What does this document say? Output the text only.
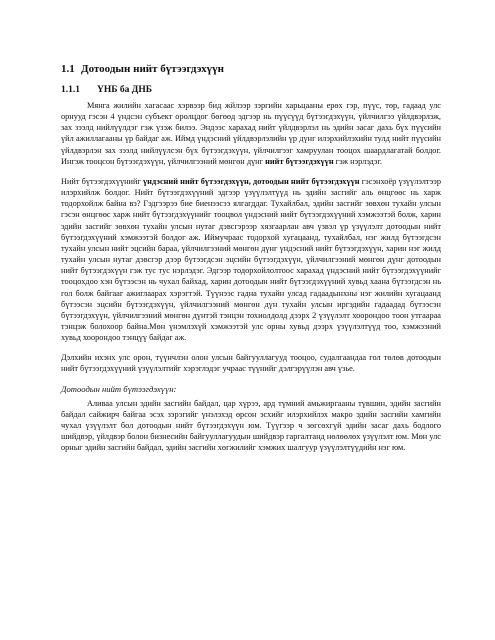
1.1 Дотоодын нийт бүтээгдэхүүн
1.1.1 ҮНБ ба ДНБ

Мянга жилийн хагасаас хэрвээр бид жйлээр зэргийн харьцааны ерөх гэр, пүүс, төр, гадаад улс орнууд гэсэн 4 үндсэн субъект оролцдог бөгөөд эдгээр нь пүүсүүд бүтээгдэхүүн, үйлчилгээ үйлдвэрлэж, зах зээлд нийлүүлдэг гэж үзэж билээ. Эндээс харахад нийт үйлдвэрлэл нь эдийн засаг дахь бүх пүүсийн үйл ажиллагааны үр байдаг аж. Иймд үндэсний үйлдвэрлэлийн үр дүнг илэрхийлэхийн тулд нийт пүүсийн үйлдвэрлэн зах зээлд нийлүүлсэн бүх бүтээгдэхүүн, үйлчилгээг хамруулан тооцох шаардлагатай болдог. Ингэж тооцсон бүтээгдэхүүн, үйлчилгээний мөнгөн дүнг нийт бүтээгдэхүүн гэж нэрлэдэг.

Нийт бүтээгдэхүүнийг үндэсний нийт бүтээгдэхүүн, дотоодын нийт бүтээгдэхүүн гэсэнхоёр үзүүлэлтээр илэрхийлж болдог. Нийт бүтээгдэхүүний эдгээр үзүүлэлтүүд нь эдийн засгийг аль өнцгөөс нь харж тодорхойлж байна вэ? Гэдгээрээ бие биенээсээ ялгагддаг. Тухайлбал, эдийн засгийг зөвхөн тухайн улсын гэсэн өнцгөөс харж нийт бүтээгдэхүүнийг тооцвол үндэсний нийт бүтээгдэхүүний хэмжээтэй болж, харин эдийн засгийг зөвхөн тухайн улсын нутаг дэвсгэрээр хязгаарлан авч үзвэл үр үзүүлэлт дотоодын нийт бүтээгдэхүүний хэмжээтэй болдог аж. Иймучраас тодорхой хугацаанд, тухайлбал, нэг жилд бүтээгдсэн тухайн улсын нийт эцсийн бараа, үйлчилгээний мөнгөн дүнг үндэсний нийт бүтээгдэхүүн, харин нэг жилд тухайн улсын нутаг дэвсгэр дээр бүтээгдсэн эцсийн бүтээгдэхүүн, үйлчилгээний мөнгөн дүнг дотоодын нийт бүтээгдэхүүн гэж тус тус нэрлэдэг. Эдгээр тодорхойлолтоос харахад үндэсний нийт бүтээгдэхүүнийг тооцохдоо хэн бүтээсэн нь чухал байхад, харин дотоодын нийт бүтээгдэхүүний хувьд хаана бүтээгдсэн нь гол болж байгааг ажиглаарах хэрэгтэй. Түүнээс гадна тухайн улсад гадаадынхны нэг жилийн хугацаанд бүтээсэн эцсийн бүтээгдэхүүн, үйлчилгээний мөнгөн дүн тухайн улсын иргэдийн гадаадад бүтээсэн бүтээгдэхүүн, үйлчилгээний мөнгөн дүнтэй тэнцэн тохиолдолд дээрх 2 үзүүлэлт хоорондоо тоон утгаараа тэнцэж болохоор байна.Мөн үнэмлэхүй хэмжээтэй улс орны хувьд дээрх үзүүлэлтүүд тоо, хэмжээний хувьд хоорондоо тэнцүү байдаг аж.

Дэлхийн ихэнх улс орон, түүнчлэн олон улсын байгууллагууд тооцоо, судалгаандаа гол төлөв дотоодын нийт бүтээгдэхүүний үзүүлэлтийг хэрэглэдэг учраас түүнийг дэлгэрүүлэн авч үзье.

Дотоодын нийт бүтээгдэхүүн:

Аливаа улсын эдийн засгийн байдал, цар хүрээ, ард түмний амьжиргааны түвшин, эдийн засгийн байдал сайжирч байгаа эсэх зэрэгийг үнэлэхэд өрсон эсхийг илэрхийлэх макро эдийн засгийн хамгийн чухал үзүүлэлт бол дотоодын нийт бүтээгдэхүүн юм. Түүгээр ч зөгсөхгүй эдийн засаг дахь бодлого шийдвэр, үйлдвэр болон бизнесийн байгууллагуудын шийдвэр гаргалтанд нөлөөлөх үзүүлэлт юм. Мөн улс орныг эдийн засгийн байдал, эдийн засгийн хөгжилийг хэмжих шалгуур үзүүлэлтүүдийн нэг юм.
